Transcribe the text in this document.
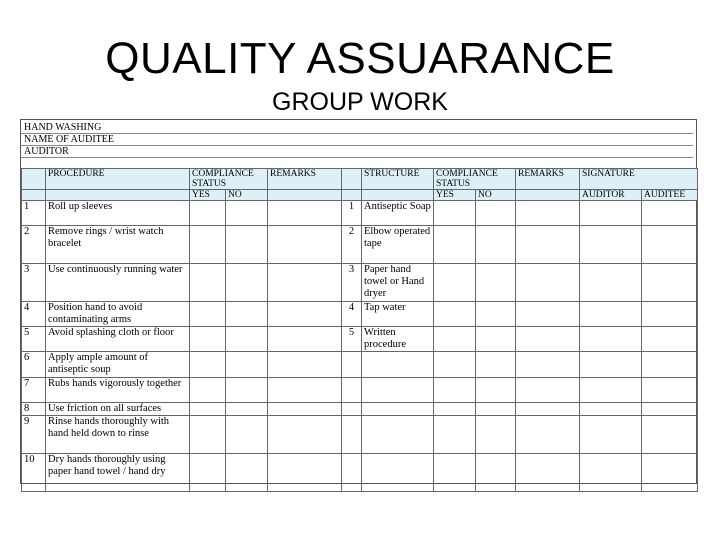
QUALITY ASSUARANCE
GROUP WORK
HAND WASHING	
NAME OF AUDITEE	
AUDITOR	
	PROCEDURE	COMPLIANCE STATUS		REMARKS		STRUCTURE	COMPLIANCE STATUS		REMARKS	SIGNATURE	
		YES	NO				YES	NO		AUDITOR	AUDITEE
1	Roll up sleeves				1	Antiseptic Soap					
2	Remove rings / wrist watch bracelet				2	Elbow operated tape					
3	Use continuously running water				3	Paper hand towel or Hand dryer					
4	Position hand to avoid contaminating arms				4	Tap water					
5	Avoid splashing cloth or floor				5	Written procedure					
6	Apply ample amount of antiseptic soup										
7	Rubs hands vigorously together										
8	Use friction on all surfaces										
9	Rinse hands thoroughly with hand held down to rinse										
10	Dry hands thoroughly using paper hand towel / hand dry										
